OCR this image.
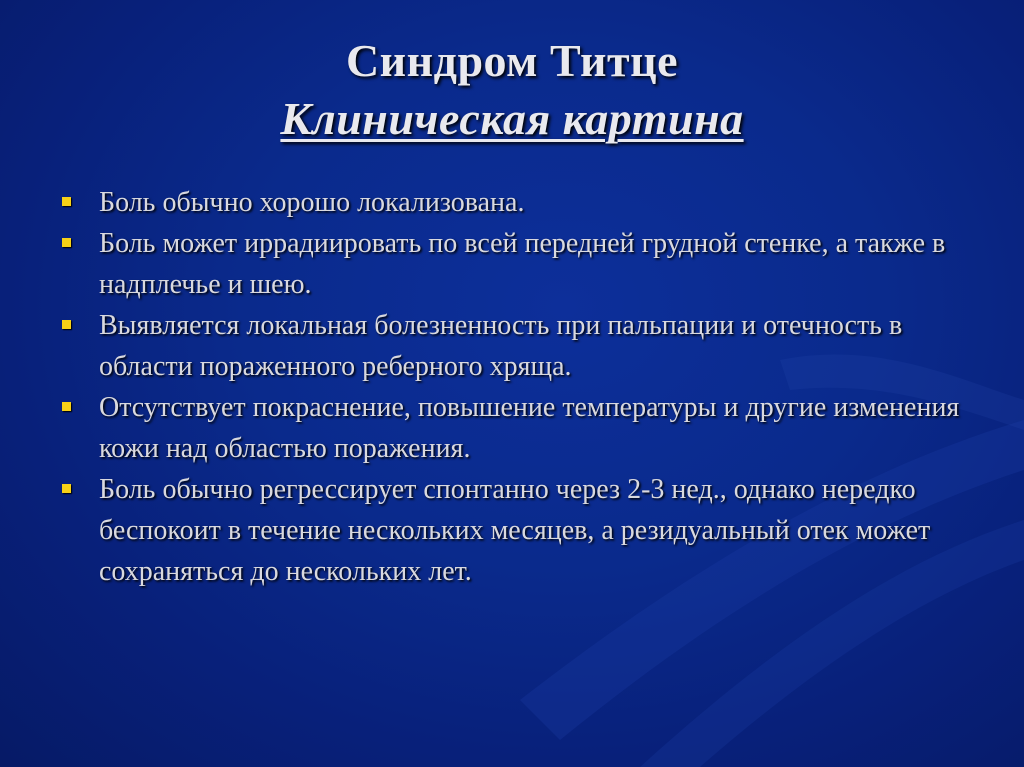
Синдром Титце
Клиническая картина
Боль обычно хорошо локализована.
Боль может иррадиировать по всей передней грудной стенке, а также в надплечье и шею.
Выявляется локальная болезненность при пальпации и отечность в области пораженного реберного хряща.
Отсутствует покраснение, повышение температуры и другие изменения кожи над областью поражения.
Боль обычно регрессирует спонтанно через 2-3 нед., однако нередко беспокоит в течение нескольких месяцев, а резидуальный отек может сохраняться до нескольких лет.
